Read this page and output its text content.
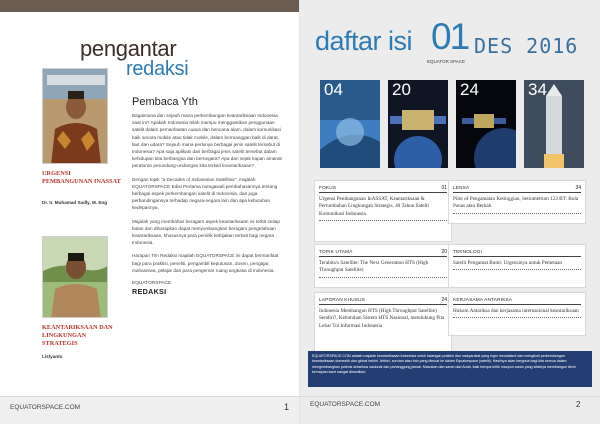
pengantar
redaksi
URGENSI PEMBANGUNAN INASSAT
Dr. Ir. Muhamad Sadly, M. Eng
KEANTARIKSAAN DAN LINGKUNGAN STRATEGIS
Listyanto
Pembaca Yth

Bagaimana dan sejauh mana perkembangan keantariksaan Indonesia saat ini? Apakah Indonesia telah mampu menggantikan penggunaan satelit dalam pemanfaatan cuaca dan bencana alam, dalam komunikasi baik secara mobile atau tidak mobile, dalam bermanggan baik di darat, laut dan udara? Sejauh mana perlunya berbagai jenis satelit tersebut di Indonesia? Apa saja aplikasi dari berbagai jenis satelit tersebut dalam kehidupan kita berbangsa dan bernegara? Apa dan sejak kapan amanat peraturan perundang-undangan kita terkait keantariksaan?

Dengan topik "a Decades of Indonesian Satellites", majalah EQUATORSPACE Edisi Pertama mengawali pembahasannya tentang berbagai aspek perkembangan satelit di Indonesia, dan juga perbandingannya terhadap negara-negara lain dan apa kebutuhan kedepannya.

Majalah yang membahas beragam aspek keantariksaan ini terbit setiap bulan dan diharapkan dapat menyumbangkan beragam pengetahuan keantariksaan, khususnya para pemilik kebijakan terkait bagi negara Indonesia.

Harapan Tim Redaksi majalah EQUATORSPACE ini dapat bermanfaat bagi para praktisi, peneliti, pengambil keputusan, dosen, pengajar, mahasiswa, pelajar dan para pengemar ruang angkasa di Indonesia.

EQUATORSPACE
REDAKSI
EQUATORSPACE.COM	1
daftar isi 01
EQUATOR SPACE
DES 2016
04	20	24	34
FOKUS	01
Urgensi Pembangunan InASSAT, Keantariksaan & Pertumbuhan Lingkungan Strategis, 40 Tahun Satelit Komunikasi Indonesia
TOPIK UTAMA	20
Terabits/s Satellite: The Next Generation HTS (High Throughput Satellite)
LAPORAN KHUSUS	24
Indonesia Membangun HTS (High Throughput Satellite) Sendiri?, Kebutuhan Sistem HTS Nasional, mendukung Pita Lebar Tol Informasi Indonesia
LENSA	34
Pilot of Pengamatan Ketinggian, Setiometrum 123 BT: Bola Panas atau Berkah
TEKNOLOGI
Satelit Pengamat Bumi: Urgensinya untuk Pemetaan
KERJASAMA ANTARIKSA
Hukum Antariksa dan kerjasama internasional keantariksaan
EQUATORSPACE.COM adalah majalah keantariksaan Indonesia untuk kalangan praktisi dan masyarakat yang ingin mendalami dan mengikuti perkembangan keantariksaan domestik dan global terkini. Artikel, sorotan atau foto yang dimuat ke dalam Equatorspace (satelit). Hasilnya akan berguna bagi kita semua dalam mengembangkan potensi antariksa nasional dan pertanggung jawab. Masukan dan saran dari Anda, baik berupa kritik maupun saran yang sifatnya membangun demi kemajuan kami sangat dinantikan.
EQUATORSPACE.COM	2
